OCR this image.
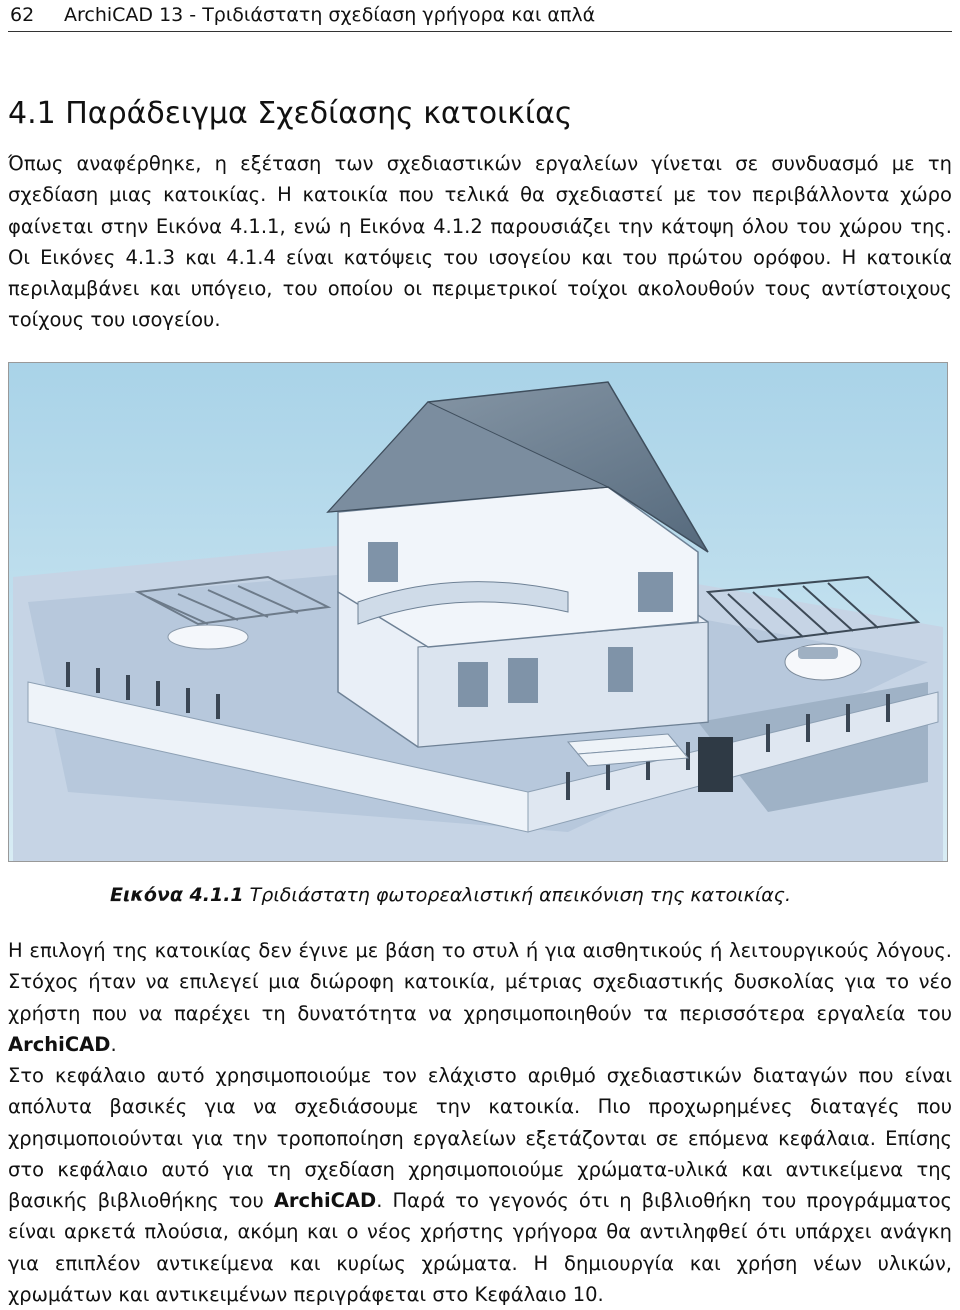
62 ArchiCAD 13 - Τριδιάστατη σχεδίαση γρήγορα και απλά
4.1 Παράδειγμα Σχεδίασης κατοικίας

Όπως αναφέρθηκε, η εξέταση των σχεδιαστικών εργαλείων γίνεται σε συνδυασμό με τη σχεδίαση μιας κατοικίας. Η κατοικία που τελικά θα σχεδιαστεί με τον περιβάλλοντα χώρο φαίνεται στην Εικόνα 4.1.1, ενώ η Εικόνα 4.1.2 παρουσιάζει την κάτοψη όλου του χώρου της. Οι Εικόνες 4.1.3 και 4.1.4 είναι κατόψεις του ισογείου και του πρώτου ορόφου. Η κατοικία περιλαμβάνει και υπόγειο, του οποίου οι περιμετρικοί τοίχοι ακολουθούν τους αντίστοιχους τοίχους του ισογείου.

Εικόνα 4.1.1 Τριδιάστατη φωτορεαλιστική απεικόνιση της κατοικίας.

Η επιλογή της κατοικίας δεν έγινε με βάση το στυλ ή για αισθητικούς ή λειτουργικούς λόγους. Στόχος ήταν να επιλεγεί μια διώροφη κατοικία, μέτριας σχεδιαστικής δυσκολίας για το νέο χρήστη που να παρέχει τη δυνατότητα να χρησιμοποιηθούν τα περισσότερα εργαλεία του ArchiCAD.

Στο κεφάλαιο αυτό χρησιμοποιούμε τον ελάχιστο αριθμό σχεδιαστικών διαταγών που είναι απόλυτα βασικές για να σχεδιάσουμε την κατοικία. Πιο προχωρημένες διαταγές που χρησιμοποιούνται για την τροποποίηση εργαλείων εξετάζονται σε επόμενα κεφάλαια. Επίσης στο κεφάλαιο αυτό για τη σχεδίαση χρησιμοποιούμε χρώματα-υλικά και αντικείμενα της βασικής βιβλιοθήκης του ArchiCAD. Παρά το γεγονός ότι η βιβλιοθήκη του προγράμματος είναι αρκετά πλούσια, ακόμη και ο νέος χρήστης γρήγορα θα αντιληφθεί ότι υπάρχει ανάγκη για επιπλέον αντικείμενα και κυρίως χρώματα. Η δημιουργία και χρήση νέων υλικών, χρωμάτων και αντικειμένων περιγράφεται στο Κεφάλαιο 10.
